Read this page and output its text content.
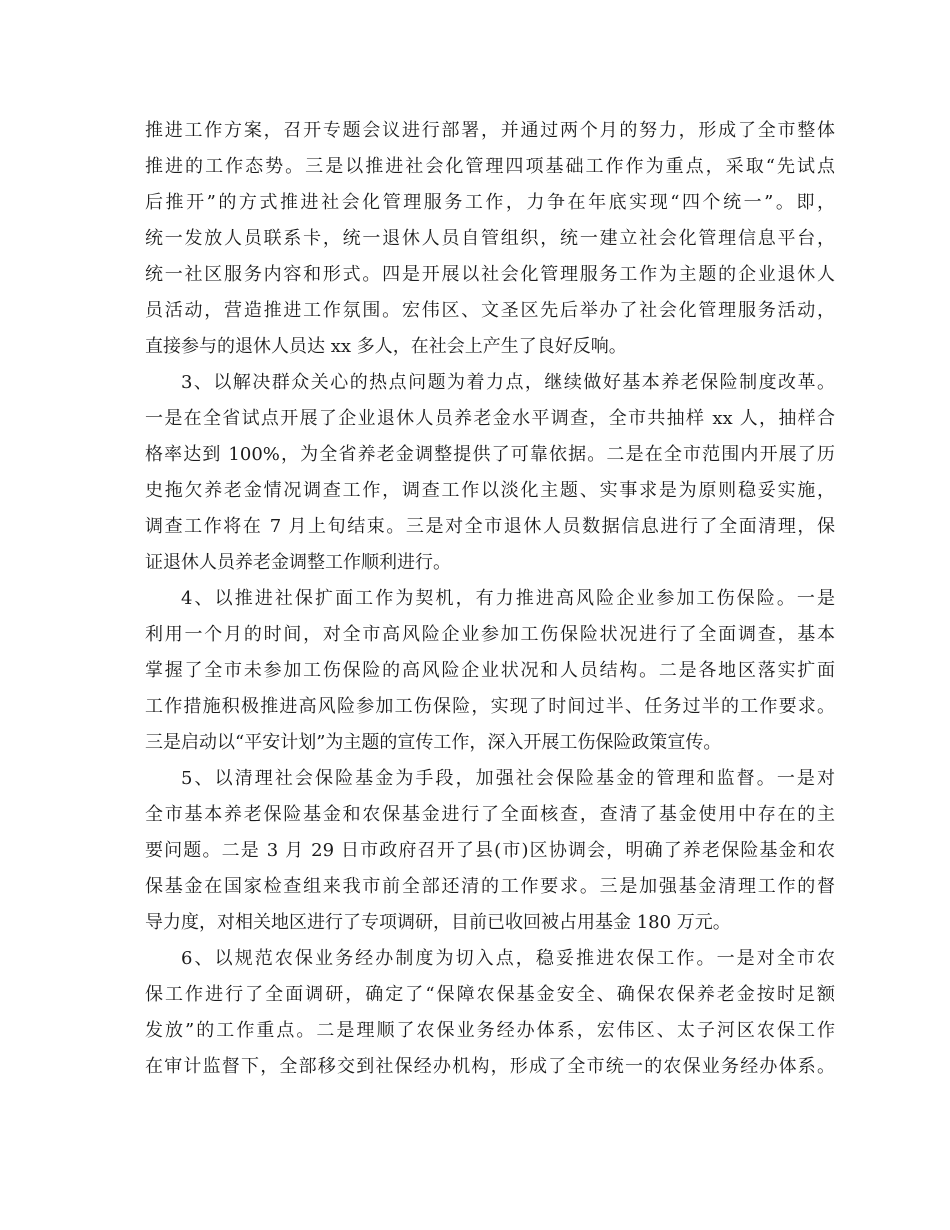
推进工作方案，召开专题会议进行部署，并通过两个月的努力，形成了全市整体
推进的工作态势。三是以推进社会化管理四项基础工作作为重点，采取“先试点
后推开”的方式推进社会化管理服务工作，力争在年底实现“四个统一”。即，
统一发放人员联系卡，统一退休人员自管组织，统一建立社会化管理信息平台，
统一社区服务内容和形式。四是开展以社会化管理服务工作为主题的企业退休人
员活动，营造推进工作氛围。宏伟区、文圣区先后举办了社会化管理服务活动，
直接参与的退休人员达 xx 多人，在社会上产生了良好反响。
3、以解决群众关心的热点问题为着力点，继续做好基本养老保险制度改革。
一是在全省试点开展了企业退休人员养老金水平调查，全市共抽样 xx 人，抽样合
格率达到 100%，为全省养老金调整提供了可靠依据。二是在全市范围内开展了历
史拖欠养老金情况调查工作，调查工作以淡化主题、实事求是为原则稳妥实施，
调查工作将在 7 月上旬结束。三是对全市退休人员数据信息进行了全面清理，保
证退休人员养老金调整工作顺利进行。
4、以推进社保扩面工作为契机，有力推进高风险企业参加工伤保险。一是
利用一个月的时间，对全市高风险企业参加工伤保险状况进行了全面调查，基本
掌握了全市未参加工伤保险的高风险企业状况和人员结构。二是各地区落实扩面
工作措施积极推进高风险参加工伤保险，实现了时间过半、任务过半的工作要求。
三是启动以“平安计划”为主题的宣传工作，深入开展工伤保险政策宣传。
5、以清理社会保险基金为手段，加强社会保险基金的管理和监督。一是对
全市基本养老保险基金和农保基金进行了全面核查，查清了基金使用中存在的主
要问题。二是 3 月 29 日市政府召开了县(市)区协调会，明确了养老保险基金和农
保基金在国家检查组来我市前全部还清的工作要求。三是加强基金清理工作的督
导力度，对相关地区进行了专项调研，目前已收回被占用基金 180 万元。
6、以规范农保业务经办制度为切入点，稳妥推进农保工作。一是对全市农
保工作进行了全面调研，确定了“保障农保基金安全、确保农保养老金按时足额
发放”的工作重点。二是理顺了农保业务经办体系，宏伟区、太子河区农保工作
在审计监督下，全部移交到社保经办机构，形成了全市统一的农保业务经办体系。
